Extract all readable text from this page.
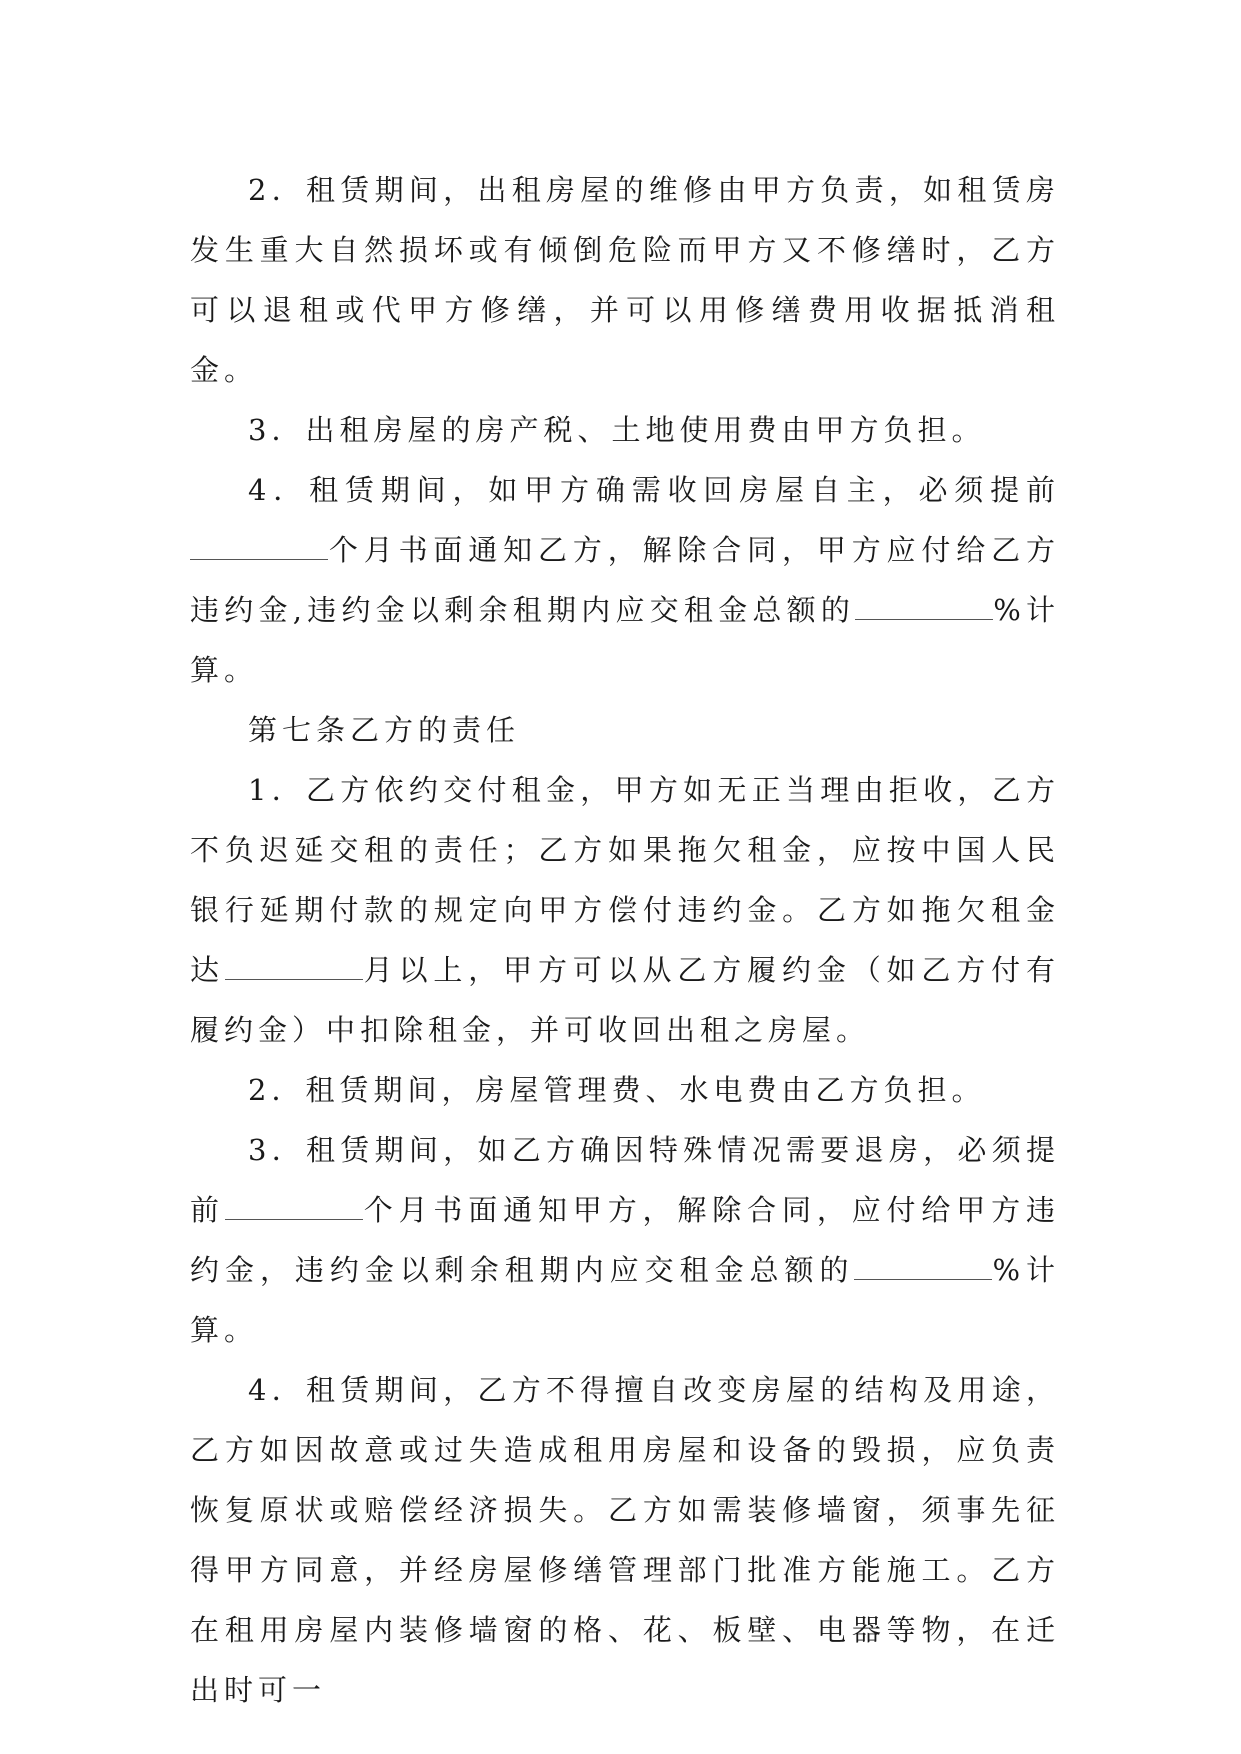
2．租赁期间，出租房屋的维修由甲方负责，如租赁房发生重大自然损坏或有倾倒危险而甲方又不修缮时，乙方可以退租或代甲方修缮，并可以用修缮费用收据抵消租金。

3．出租房屋的房产税、土地使用费由甲方负担。

4．租赁期间，如甲方确需收回房屋自主，必须提前个月书面通知乙方，解除合同，甲方应付给乙方违约金,违约金以剩余租期内应交租金总额的	%计算。

第七条乙方的责任

1．乙方依约交付租金，甲方如无正当理由拒收，乙方不负迟延交租的责任；乙方如果拖欠租金，应按中国人民银行延期付款的规定向甲方偿付违约金。乙方如拖欠租金达	月以上，甲方可以从乙方履约金（如乙方付有履约金）中扣除租金，并可收回出租之房屋。

2．租赁期间，房屋管理费、水电费由乙方负担。

3．租赁期间，如乙方确因特殊情况需要退房，必须提前	个月书面通知甲方，解除合同，应付给甲方违约金，违约金以剩余租期内应交租金总额的	%计算。

4．租赁期间，乙方不得擅自改变房屋的结构及用途，乙方如因故意或过失造成租用房屋和设备的毁损，应负责恢复原状或赔偿经济损失。乙方如需装修墙窗，须事先征得甲方同意，并经房屋修缮管理部门批准方能施工。乙方在租用房屋内装修墙窗的格、花、板壁、电器等物，在迁出时可一
